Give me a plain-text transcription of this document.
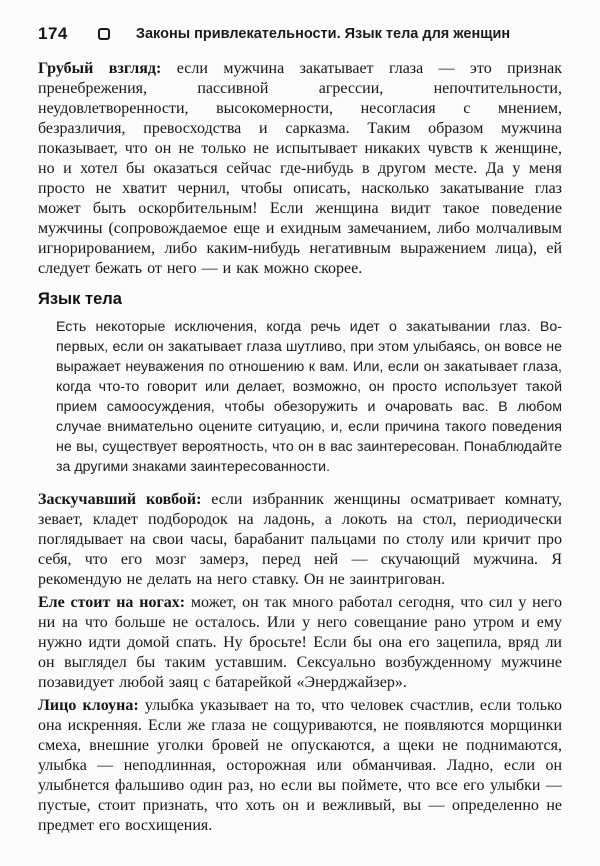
174	Законы привлекательности. Язык тела для женщин

Грубый взгляд: если мужчина закатывает глаза — это признак пренебрежения, пассивной агрессии, непочтительности, неудовлетворенности, высокомерности, несогласия с мнением, безразличия, превосходства и сарказма. Таким образом мужчина показывает, что он не только не испытывает никаких чувств к женщине, но и хотел бы оказаться сейчас где-нибудь в другом месте. Да у меня просто не хватит чернил, чтобы описать, насколько закатывание глаз может быть оскорбительным! Если женщина видит такое поведение мужчины (сопровождаемое еще и ехидным замечанием, либо молчаливым игнорированием, либо каким-нибудь негативным выражением лица), ей следует бежать от него — и как можно скорее.

Язык тела

Есть некоторые исключения, когда речь идет о закатывании глаз. Во-первых, если он закатывает глаза шутливо, при этом улыбаясь, он вовсе не выражает неуважения по отношению к вам. Или, если он закатывает глаза, когда что-то говорит или делает, возможно, он просто использует такой прием самоосуждения, чтобы обезоружить и очаровать вас. В любом случае внимательно оцените ситуацию, и, если причина такого поведения не вы, существует вероятность, что он в вас заинтересован. Понаблюдайте за другими знаками заинтересованности.

Заскучавший ковбой: если избранник женщины осматривает комнату, зевает, кладет подбородок на ладонь, а локоть на стол, периодически поглядывает на свои часы, барабанит пальцами по столу или кричит про себя, что его мозг замерз, перед ней — скучающий мужчина. Я рекомендую не делать на него ставку. Он не заинтригован.

Еле стоит на ногах: может, он так много работал сегодня, что сил у него ни на что больше не осталось. Или у него совещание рано утром и ему нужно идти домой спать. Ну бросьте! Если бы она его зацепила, вряд ли он выглядел бы таким уставшим. Сексуально возбужденному мужчине позавидует любой заяц с батарейкой «Энерджайзер».

Лицо клоуна: улыбка указывает на то, что человек счастлив, если только она искренняя. Если же глаза не сощуриваются, не появляются морщинки смеха, внешние уголки бровей не опускаются, а щеки не поднимаются, улыбка — неподлинная, осторожная или обманчивая. Ладно, если он улыбнется фальшиво один раз, но если вы поймете, что все его улыбки — пустые, стоит признать, что хоть он и вежливый, вы — определенно не предмет его восхищения.
